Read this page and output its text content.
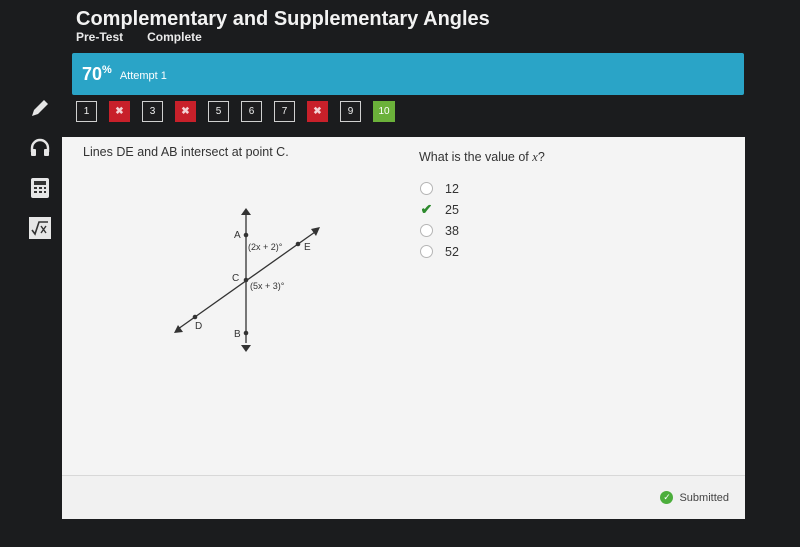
Complementary and Supplementary Angles
Pre-Test Complete
70%
Attempt 1
1	✖	3	✖	5	6	7	✖	9	10
Lines DE and AB intersect at point C.
A
C
B
D
E
(2x + 2)°
(5x + 3)°
What is the value of x?
12
✔ 25
38
52
✓ Submitted
